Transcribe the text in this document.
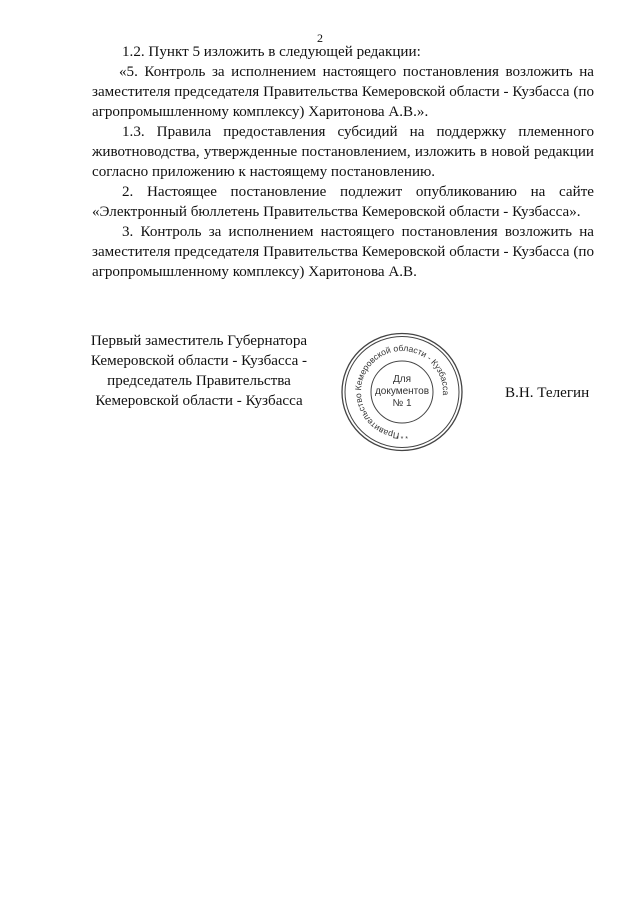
2

1.2. Пункт 5 изложить в следующей редакции:

«5. Контроль за исполнением настоящего постановления возложить на заместителя председателя Правительства Кемеровской области - Кузбасса (по агропромышленному комплексу) Харитонова А.В.».

1.3. Правила предоставления субсидий на поддержку племенного животноводства, утвержденные постановлением, изложить в новой редакции согласно приложению к настоящему постановлению.

2. Настоящее постановление подлежит опубликованию на сайте «Электронный бюллетень Правительства Кемеровской области - Кузбасса».

3. Контроль за исполнением настоящего постановления возложить на заместителя председателя Правительства Кемеровской области - Кузбасса (по агропромышленному комплексу) Харитонова А.В.

Первый заместитель Губернатора
Кемеровской области - Кузбасса -
председатель Правительства
Кемеровской области - Кузбасса
Правительство Кемеровской области - Кузбасса
Для
документов
№ 1
* * *
В.Н. Телегин
